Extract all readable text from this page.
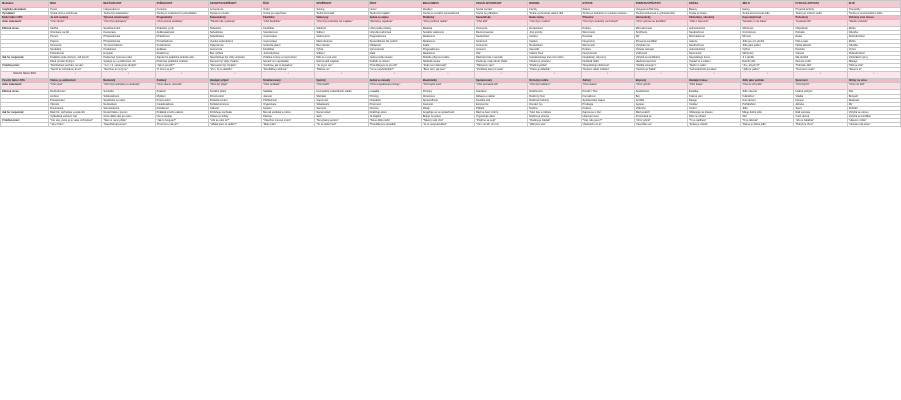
Motivátor	MOC	NEZÁVISLOST	ZVĚDAVOST	AKCEPTACE/PŘIJETÍ	ŘÁD	SPOŘIVOST	ČEST	IDEALISMUS	SOCIÁLNÍ KONTAKT	RODINA	STATUS	POMSTA/VÍTĚZSTVÍ	KRÁSA	JÍDLO	FYZICKÁ AKTIVITA	KLID
Anglický ekvivalent	Power	Independence	Curiosity	Acceptance	Order	Saving	Honor	Idealism	Social contact	Family	Status	Vengeance/Winning	Beauty	Eating	Physical Activity	Tranquility
Vysvětlení	Touha vést a ovlivňovat	Touha být soběstačný	Touha po znalostech a převzdělání	Touha po uznání	Touha po organizaci	Touha hromadit	Touha být loajální	Touha po sociální spravedlnosti	Touha po přátelství	Touha vychovávat vlastní děti	Touha po bohatství a vysokém statusu	Touha konkurovat a vyhrávat bitky	Touha po kráse	Touha konzumovat jídlo	Touha po cvičení svalů	Touha po emocionálním klidu
Nízký faktor 20%	Je míň vedený	Týmově orientovaný	Pragmatický	Sebevědomý	Flexibilní	Velkorysý	Jedná ze zájmu	Praktický	Samotářský	Bude vzdoy	Přizemní	Harmonický	Zdrženlivý, skromný	Úspornější bud	Pohodový	Ochotný vést stresu
Jeho statement:	"Chci druhé"	"Chci být spokojený"	"Chci poznat prakticky"	"Tokoliv tole vystavuji"	"Chci flexibilitu"	"Chci být svobodný od majetku"	"Záznamy nejednat"	"Chci pozitivní realitu"	"Chci klid"	"Chci být v rodině"	"Chci být nezávislý na druhých"	"Chci vyhnout se konfliktu"	"Úsilí o harmonii"	"Nestačí mi na krásu"	"Upokojit klid"	"Sledím pohodu"
Klíčová slova	Služba	Spoléhá druhé	Praktický vyvíjí	Sebeúcta	Flexibilita	Štědrost	Účel podle potřeby	Realista	Introverze	Nezávislost	Pokora	Mírumilovnost	Jednoduchost	Střídmost	Odpočinek	Riziko
	Orientace na lidi	Kooperace	Aplikovatelnost	Sebejistota	Spontánnost	Sdílení	Účel dle podmínek	Sociální realismus	Rezervovanost	Jiné priority	Skromnost	Smířlivost	Nenáročnost	Umírněnost	Pohoda	Odvaha
	Pomoc	Přizpůsobivost	Praktičnost	Sebedůvěra	Improvizace	Velkorysost	Pragmatismus	Realismus	Nezávislost	Kariéra	Prostota	Mír	Minimalismus	Mírnost	Relax	Dobrodružství
	Pokora	Přizpůsobivost	Prověřitelnost	Vysoké sebevědomí	Improvizace	Marnotratnost	Spravedlivost dle potřeb	Realismus	Soukromí	Kariéra	Nevýrazný	Prevence konfliktů	Askeze	Jídlo jen pro přežití	Klid a relax	Riziko
	Introverze	Týmová hráčství	Konkrétnost	Optimismus	Svoboda plánů	Bez nároků	Oddanost	Fakta	Introverze	Nezávislost	Skromnost	Vyhýbání se	Nenáročnost	Jídlo jako palivo	Nízká aktivita	Odvaha
	Nevědění	Poslušnost	Aplikace	Autonomie	Flexibilita	Výhra	Vyrovnanost	Pragmatismus	Introvert	Samotář	Pokora	Ochota ustoupit	Jednoduchost	Výživa	Pasivita	Výzva
	Pohodovost	Empatie	Realismus	Bez výčitek	Jednoduchost	Sdílení	Ideál	Realismus	Klid	Vlastní život	Nevýraznost	Vstřícnost	Skromnost	Střídmost	Volnost	Dobrodružství
Jak ho rozpoznat:	Podléhá spíše druhým, rád slouží	Podporuje týmovou práci	Zajímá ho praktická stránka věcí	Nepotřebuje být vždy uznáván	Zvládne změny a improvizaci	Dělí se o své věci	Jedná podle situace	Dokáže přijmout realitu	Rád tráví čas o samotě	Upřednostňuje jiné než rodinu	Neokázalý, skromný	Vyhýbá se konfliktům	Nepotřebuje luxus	Jí k přežití	Má rád klid	Vyhledává výzvy
	Dává prostor druhým	Spokojí se s podřízenou rolí	Preferuje praktické znalosti	Nemusí být vždy chválen	Nevadí mu nepořádek	Nehromadí majetek	Podřídí se situaci	Nehledá utopie	Preferuje malý okruh přátel	Kariéra je prioritou	Nehledá obdiv	Hledá kompromis	Vystačí si s málem	Neřeší jídlo	Nemusí cvičit	Riskuje
V běžné praxi:	"Rozhodnutí nechám na vás"	"1+1 = 3, spolu jsme silnější"	"Jak to použít?"	"Nemusím být chválen"	"Uvidíme, jak to dopadne"	"Je to jen věc"	"Pravidla jsou tu pro lidi"	"Svět není dokonalý"	"Rád jsem sám"	"Rodina počká"	"Nepotřebuji obdivovat"	"Raději ustoupím"	"Stačí mi málo"	"Jím, abych žil"	"Pohoda, klid"	"Risk je zisk"
	"Nechť to rozhodnou druzí"	"Nechme to na týmu"	"K čemu to je?"	"Vím, že to dokážu"	"Flexibilita je klíčová"	"Dělíme se"	"Co je nejvhodnější?"	"Beru věci, jak jsou"	"Potřebuji čas pro sebe"	"Práce je důležitá"	"Nejsem nikdo zvláštní"	"Nechci se hádat"	"Jednoduchost je krása"	"Jídlo je palivo"	"Nemusím cvičit"	"Zkusím to"
Střední faktor 60%	•	•	•	•	•	•	•	•	•	•	•	•	•	•	•	•
Vysoký faktor 20%	Vůdce, je ambiciózní	Nezávislý	Zvídavý	Hledající přijetí	Strukturovaný	Spořivý	Jedná ze zásady	Idealistický	Společenský	Ochotný rodiče	Žárlivý	Bojovný	Hledající krásu	Jídlo jako požitek	Sportovní	Citlivý na stres
Jeho statement:	"Chci vést"	"Chci být svobodný a nezávislý"	"Chci všemu rozumět"	"Chci být přijat"	"Chci pořádek"	"Chci šetřit"	"Chci respektovat principy"	"Chci lepší svět"	"Chci poznávat lidi"	"Chci být rodičem"	"Chci status"	"Chci vyhrát"	"Chci krásu"	"Chci si užít jídlo"	"Chci být fit"	"Chci mít klid"
Klíčová slova	Rozhodování	Svoboda	Znalosti	Sociální přijetí	Stabilita	Hromadění materiálních statků	Loajalita	Principy	Interakce	Rodičovství	Prestiž / Titul	Soutěživost	Estetika	Jídlo obecně	Hodně pohybu	Klid
	Ambice	Soběstačnost	Myšlení	Porozumění	Jasnost	Sběratel	Principy	Altruismus	Zábava a radost	Rodinný život	Formálnost	Boj	Krásné věci	Kulinářství	Vitalita	Bezpečí
	Prosazování	Spoléhání na sebe	Porozumění	Potřeba uznání	Přehlednost	Úspornost	Charakter	Spravedlnost	Sociální sítě	Rodinné hodnoty	Společenský status	Konflikt	Design	Gurmánství	Fitness	Relaxace
	Vlivnost	Nezávislost	Intelektuálnost	Perfekcionismus	Organizace	Skladování	Povinnost	Čestnost	Extroverze	Domácí typ	Privilegia	Agrese	Umělec	Požitkářství	Aktivita	Mír
	Dominance	Samostatnost	Zvědavost	Citlivost	Systém	Šetrnost	Věrnost	Ideály	Přátelé	Rodina	Kariéra	Vítězství	Umění	Jídlo	Sport	Pohodlí
Jak ho rozpoznat:	Rád řídí, rozhoduje a vede lidi	Nerad žádá o pomoc	Pokládá mnoho otázek	Potřebuje pochvalu	Má rád pořádek a rutinu	Nerad utrácí	Dodržuje slovo	Angažuje se ve společnosti	Rád se baví s lidmi	Tráví čas s rodinou	Zajímá se o titul	Rád soutěží	Obklopuje se krásou	Miluje dobré jídlo	Rád sportuje	Vyhýbá se stresu
	Vyhledává vedoucí role	Chce dělat věci po svém	Čte a studuje	Obává se kritiky	Plánuje	Šetří	Je loajální	Bojuje za práva	Organizuje akce	Rodina je priorita	Ukazuje luxus	Porovnává se	Dbá na vzhled	Vaří	Cvičí denně	Vyhýbá se konfliktu
V běžné praxi:	"Čtu vás, proto je to vaše rozhodnutí"	"Sám si na to přijdu"	"Jak to funguje?"	"Líbí se vám to?"	"Všechno má své místo"	"Nevyhazuj peníze"	"Slovo dělá muže"	"Takový svět chci"	"Pojďme se sejít"	"Rodina je základ"	"Víte, kdo jsem?"	"Chci vyhrát"	"To je nádhera"	"To je lahoda"	"Jdu si zaběhat"	"Hlavně v klidu"
	"Já to řídím"	"Nepotřebuji pomoc"	"Proč tomu tak je?"	"Udělal jsem to dobře?"	"Mám plán"	"To se ještě hodí"	"Pravidla jsou pravidla"	"Je to nespravedlivé"	"Čím víc lidí, tím líp"	"Děti jsou vše"	"Zasloužím si to"	"Nevzdám se"	"Krása je všude"	"Dáme si dobré jídlo"	"Pohyb je život"	"Nemám rád stres"
